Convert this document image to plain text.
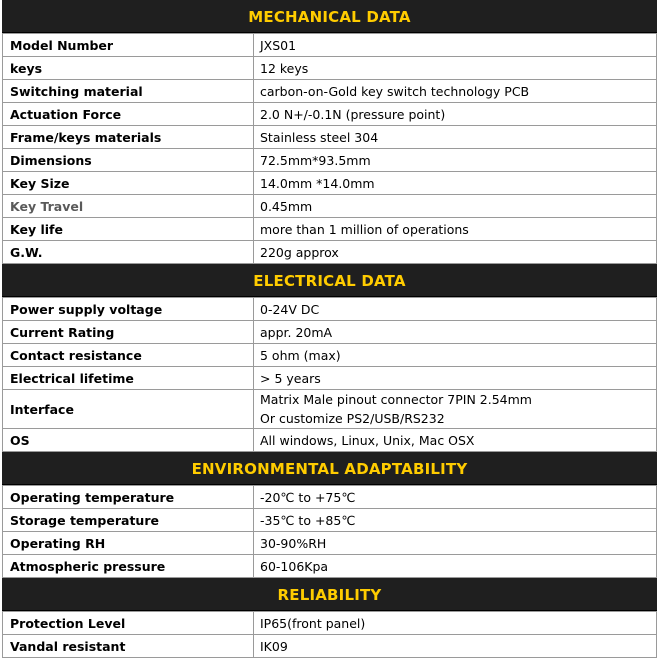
MECHANICAL DATA
Model Number	JXS01
keys	12 keys
Switching material	carbon-on-Gold key switch technology PCB
Actuation Force	2.0 N+/-0.1N (pressure point)
Frame/keys materials	Stainless steel 304
Dimensions	72.5mm*93.5mm
Key Size	14.0mm *14.0mm
Key Travel	0.45mm
Key life	more than 1 million of operations
G.W.	220g approx
ELECTRICAL DATA
Power supply voltage	0-24V DC
Current Rating	appr. 20mA
Contact resistance	5 ohm (max)
Electrical lifetime	> 5 years
Interface	Matrix Male pinout connector 7PIN 2.54mm
Or customize PS2/USB/RS232

OS	All windows, Linux, Unix, Mac OSX
ENVIRONMENTAL ADAPTABILITY
Operating temperature	-20℃ to +75℃
Storage temperature	-35℃ to +85℃
Operating RH	30-90%RH
Atmospheric pressure	60-106Kpa
RELIABILITY
Protection Level	IP65(front panel)
Vandal resistant	IK09
